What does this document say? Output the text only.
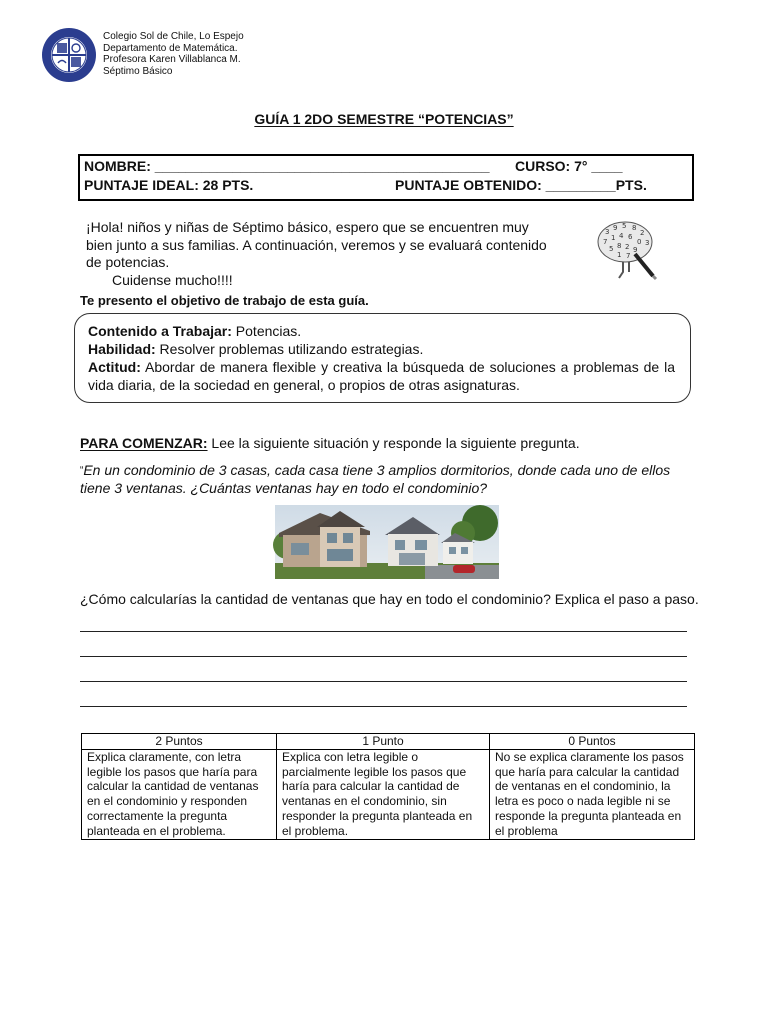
Colegio Sol de Chile, Lo Espejo
Departamento de Matemática.
Profesora Karen Villablanca M.
Séptimo Básico
GUÍA 1 2DO SEMESTRE “POTENCIAS”
NOMBRE: ___________________________________________ CURSO: 7° ____
PUNTAJE IDEAL: 28 PTS.	PUNTAJE OBTENIDO: _________PTS.
¡Hola! niños y niñas de Séptimo básico, espero que se encuentren muy bien junto a sus familias. A continuación, veremos y se evaluará contenido de potencias.
Cuidense mucho!!!!
3 9 5 8
2
7 1 4 6
0 3
5 8 2 9
1 7
Te presento el objetivo de trabajo de esta guía.
Contenido a Trabajar: Potencias.
Habilidad: Resolver problemas utilizando estrategias.
Actitud: Abordar de manera flexible y creativa la búsqueda de soluciones a problemas de la vida diaria, de la sociedad en general, o propios de otras asignaturas.
PARA COMENZAR: Lee la siguiente situación y responde la siguiente pregunta.
“En un condominio de 3 casas, cada casa tiene 3 amplios dormitorios, donde cada uno de ellos tiene 3 ventanas. ¿Cuántas ventanas hay en todo el condominio?
¿Cómo calcularías la cantidad de ventanas que hay en todo el condominio? Explica el paso a paso.
2 Puntos	1 Punto	0 Puntos
Explica claramente, con letra legible los pasos que haría para calcular la cantidad de ventanas en el condominio y responden correctamente la pregunta planteada en el problema.	Explica con letra legible o parcialmente legible los pasos que haría para calcular la cantidad de ventanas en el condominio, sin responder la pregunta planteada en el problema.	No se explica claramente los pasos que haría para calcular la cantidad de ventanas en el condominio, la letra es poco o nada legible ni se responde la pregunta planteada en el problema
